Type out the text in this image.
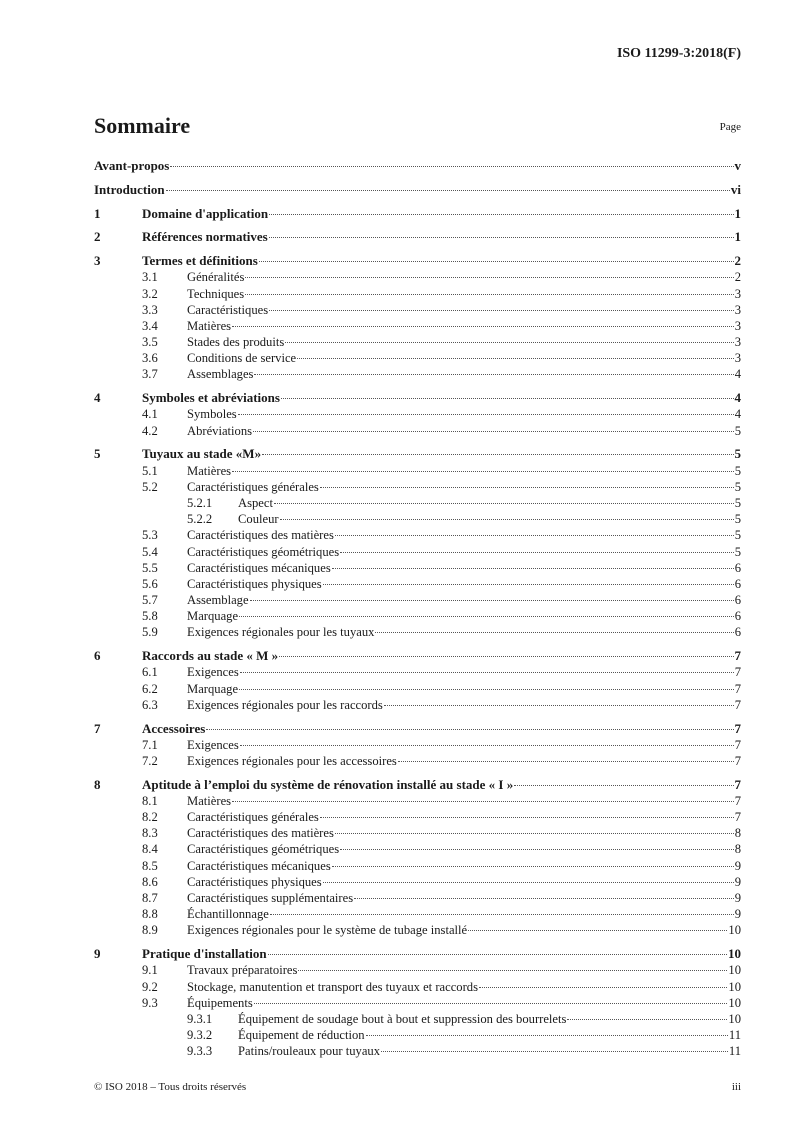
ISO 11299-3:2018(F)
Sommaire	Page
Avant-propos	v
Introduction	vi
1	Domaine d'application	1
2	Références normatives	1
3	Termes et définitions	2
3.1 Généralités	2
3.2 Techniques	3
3.3 Caractéristiques	3
3.4 Matières	3
3.5 Stades des produits	3
3.6 Conditions de service	3
3.7 Assemblages	4
4	Symboles et abréviations	4
4.1 Symboles	4
4.2 Abréviations	5
5	Tuyaux au stade «M»	5
5.1 Matières	5
5.2 Caractéristiques générales	5
5.2.1 Aspect	5
5.2.2 Couleur	5
5.3 Caractéristiques des matières	5
5.4 Caractéristiques géométriques	5
5.5 Caractéristiques mécaniques	6
5.6 Caractéristiques physiques	6
5.7 Assemblage	6
5.8 Marquage	6
5.9 Exigences régionales pour les tuyaux	6
6	Raccords au stade « M »	7
6.1 Exigences	7
6.2 Marquage	7
6.3 Exigences régionales pour les raccords	7
7	Accessoires	7
7.1 Exigences	7
7.2 Exigences régionales pour les accessoires	7
8	Aptitude à l’emploi du système de rénovation installé au stade « I »	7
8.1 Matières	7
8.2 Caractéristiques générales	7
8.3 Caractéristiques des matières	8
8.4 Caractéristiques géométriques	8
8.5 Caractéristiques mécaniques	9
8.6 Caractéristiques physiques	9
8.7 Caractéristiques supplémentaires	9
8.8 Échantillonnage	9
8.9 Exigences régionales pour le système de tubage installé	10
9	Pratique d'installation	10
9.1 Travaux préparatoires	10
9.2 Stockage, manutention et transport des tuyaux et raccords	10
9.3 Équipements	10
9.3.1 Équipement de soudage bout à bout et suppression des bourrelets	10
9.3.2 Équipement de réduction	11
9.3.3 Patins/rouleaux pour tuyaux	11
© ISO 2018 – Tous droits réservés	iii
